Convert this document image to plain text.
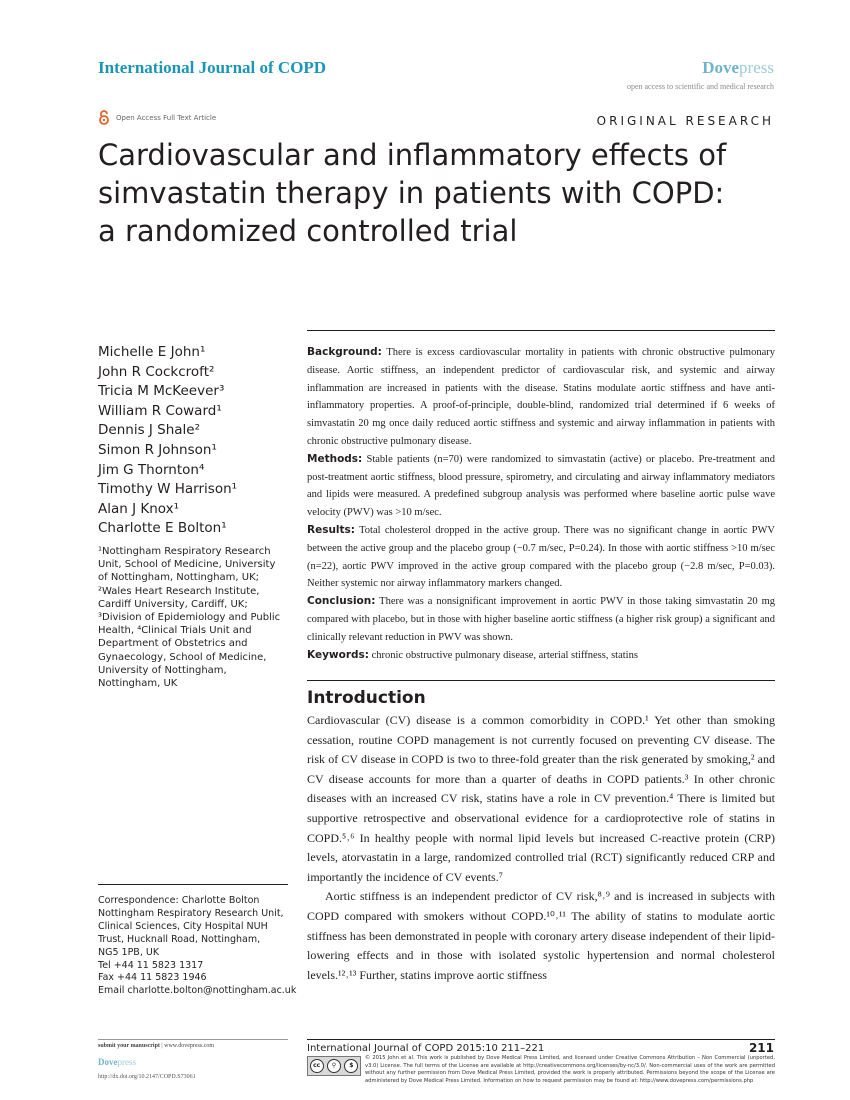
International Journal of COPD	Dovepress
open access to scientific and medical research
Open Access Full Text Article	ORIGINAL RESEARCH
Cardiovascular and inflammatory effects of
simvastatin therapy in patients with COPD:
a randomized controlled trial
Michelle E John¹
John R Cockcroft²
Tricia M McKeever³
William R Coward¹
Dennis J Shale²
Simon R Johnson¹
Jim G Thornton⁴
Timothy W Harrison¹
Alan J Knox¹
Charlotte E Bolton¹
¹Nottingham Respiratory Research Unit, School of Medicine, University of Nottingham, Nottingham, UK; ²Wales Heart Research Institute, Cardiff University, Cardiff, UK; ³Division of Epidemiology and Public Health, ⁴Clinical Trials Unit and Department of Obstetrics and Gynaecology, School of Medicine, University of Nottingham, Nottingham, UK
Correspondence: Charlotte Bolton
Nottingham Respiratory Research Unit,
Clinical Sciences, City Hospital NUH
Trust, Hucknall Road, Nottingham,
NG5 1PB, UK
Tel +44 11 5823 1317
Fax +44 11 5823 1946
Email charlotte.bolton@nottingham.ac.uk

Background: There is excess cardiovascular mortality in patients with chronic obstructive pulmonary disease. Aortic stiffness, an independent predictor of cardiovascular risk, and systemic and airway inflammation are increased in patients with the disease. Statins modulate aortic stiffness and have anti-inflammatory properties. A proof-of-principle, double-blind, randomized trial determined if 6 weeks of simvastatin 20 mg once daily reduced aortic stiffness and systemic and airway inflammation in patients with chronic obstructive pulmonary disease.

Methods: Stable patients (n=70) were randomized to simvastatin (active) or placebo. Pre-treatment and post-treatment aortic stiffness, blood pressure, spirometry, and circulating and airway inflammatory mediators and lipids were measured. A predefined subgroup analysis was performed where baseline aortic pulse wave velocity (PWV) was >10 m/sec.

Results: Total cholesterol dropped in the active group. There was no significant change in aortic PWV between the active group and the placebo group (−0.7 m/sec, P=0.24). In those with aortic stiffness >10 m/sec (n=22), aortic PWV improved in the active group compared with the placebo group (−2.8 m/sec, P=0.03). Neither systemic nor airway inflammatory markers changed.

Conclusion: There was a nonsignificant improvement in aortic PWV in those taking simvastatin 20 mg compared with placebo, but in those with higher baseline aortic stiffness (a higher risk group) a significant and clinically relevant reduction in PWV was shown.

Keywords: chronic obstructive pulmonary disease, arterial stiffness, statins

Introduction

Cardiovascular (CV) disease is a common comorbidity in COPD.¹ Yet other than smoking cessation, routine COPD management is not currently focused on preventing CV disease. The risk of CV disease in COPD is two to three-fold greater than the risk generated by smoking,² and CV disease accounts for more than a quarter of deaths in COPD patients.³ In other chronic diseases with an increased CV risk, statins have a role in CV prevention.⁴ There is limited but supportive retrospective and observational evidence for a cardioprotective role of statins in COPD.⁵˒⁶ In healthy people with normal lipid levels but increased C-reactive protein (CRP) levels, atorvastatin in a large, randomized controlled trial (RCT) significantly reduced CRP and importantly the incidence of CV events.⁷

Aortic stiffness is an independent predictor of CV risk,⁸˒⁹ and is increased in subjects with COPD compared with smokers without COPD.¹⁰˒¹¹ The ability of statins to modulate aortic stiffness has been demonstrated in people with coronary artery disease independent of their lipid-lowering effects and in those with isolated systolic hypertension and normal cholesterol levels.¹²˒¹³ Further, statins improve aortic stiffness

submit your manuscript | www.dovepress.com
Dovepress
http://dx.doi.org/10.2147/COPD.S73061
International Journal of COPD 2015:10 211–221	211
cc	⚲	$
© 2015 John et al. This work is published by Dove Medical Press Limited, and licensed under Creative Commons Attribution – Non Commercial (unported, v3.0) License. The full terms of the License are available at http://creativecommons.org/licenses/by-nc/3.0/. Non-commercial uses of the work are permitted without any further permission from Dove Medical Press Limited, provided the work is properly attributed. Permissions beyond the scope of the License are administered by Dove Medical Press Limited. Information on how to request permission may be found at: http://www.dovepress.com/permissions.php
